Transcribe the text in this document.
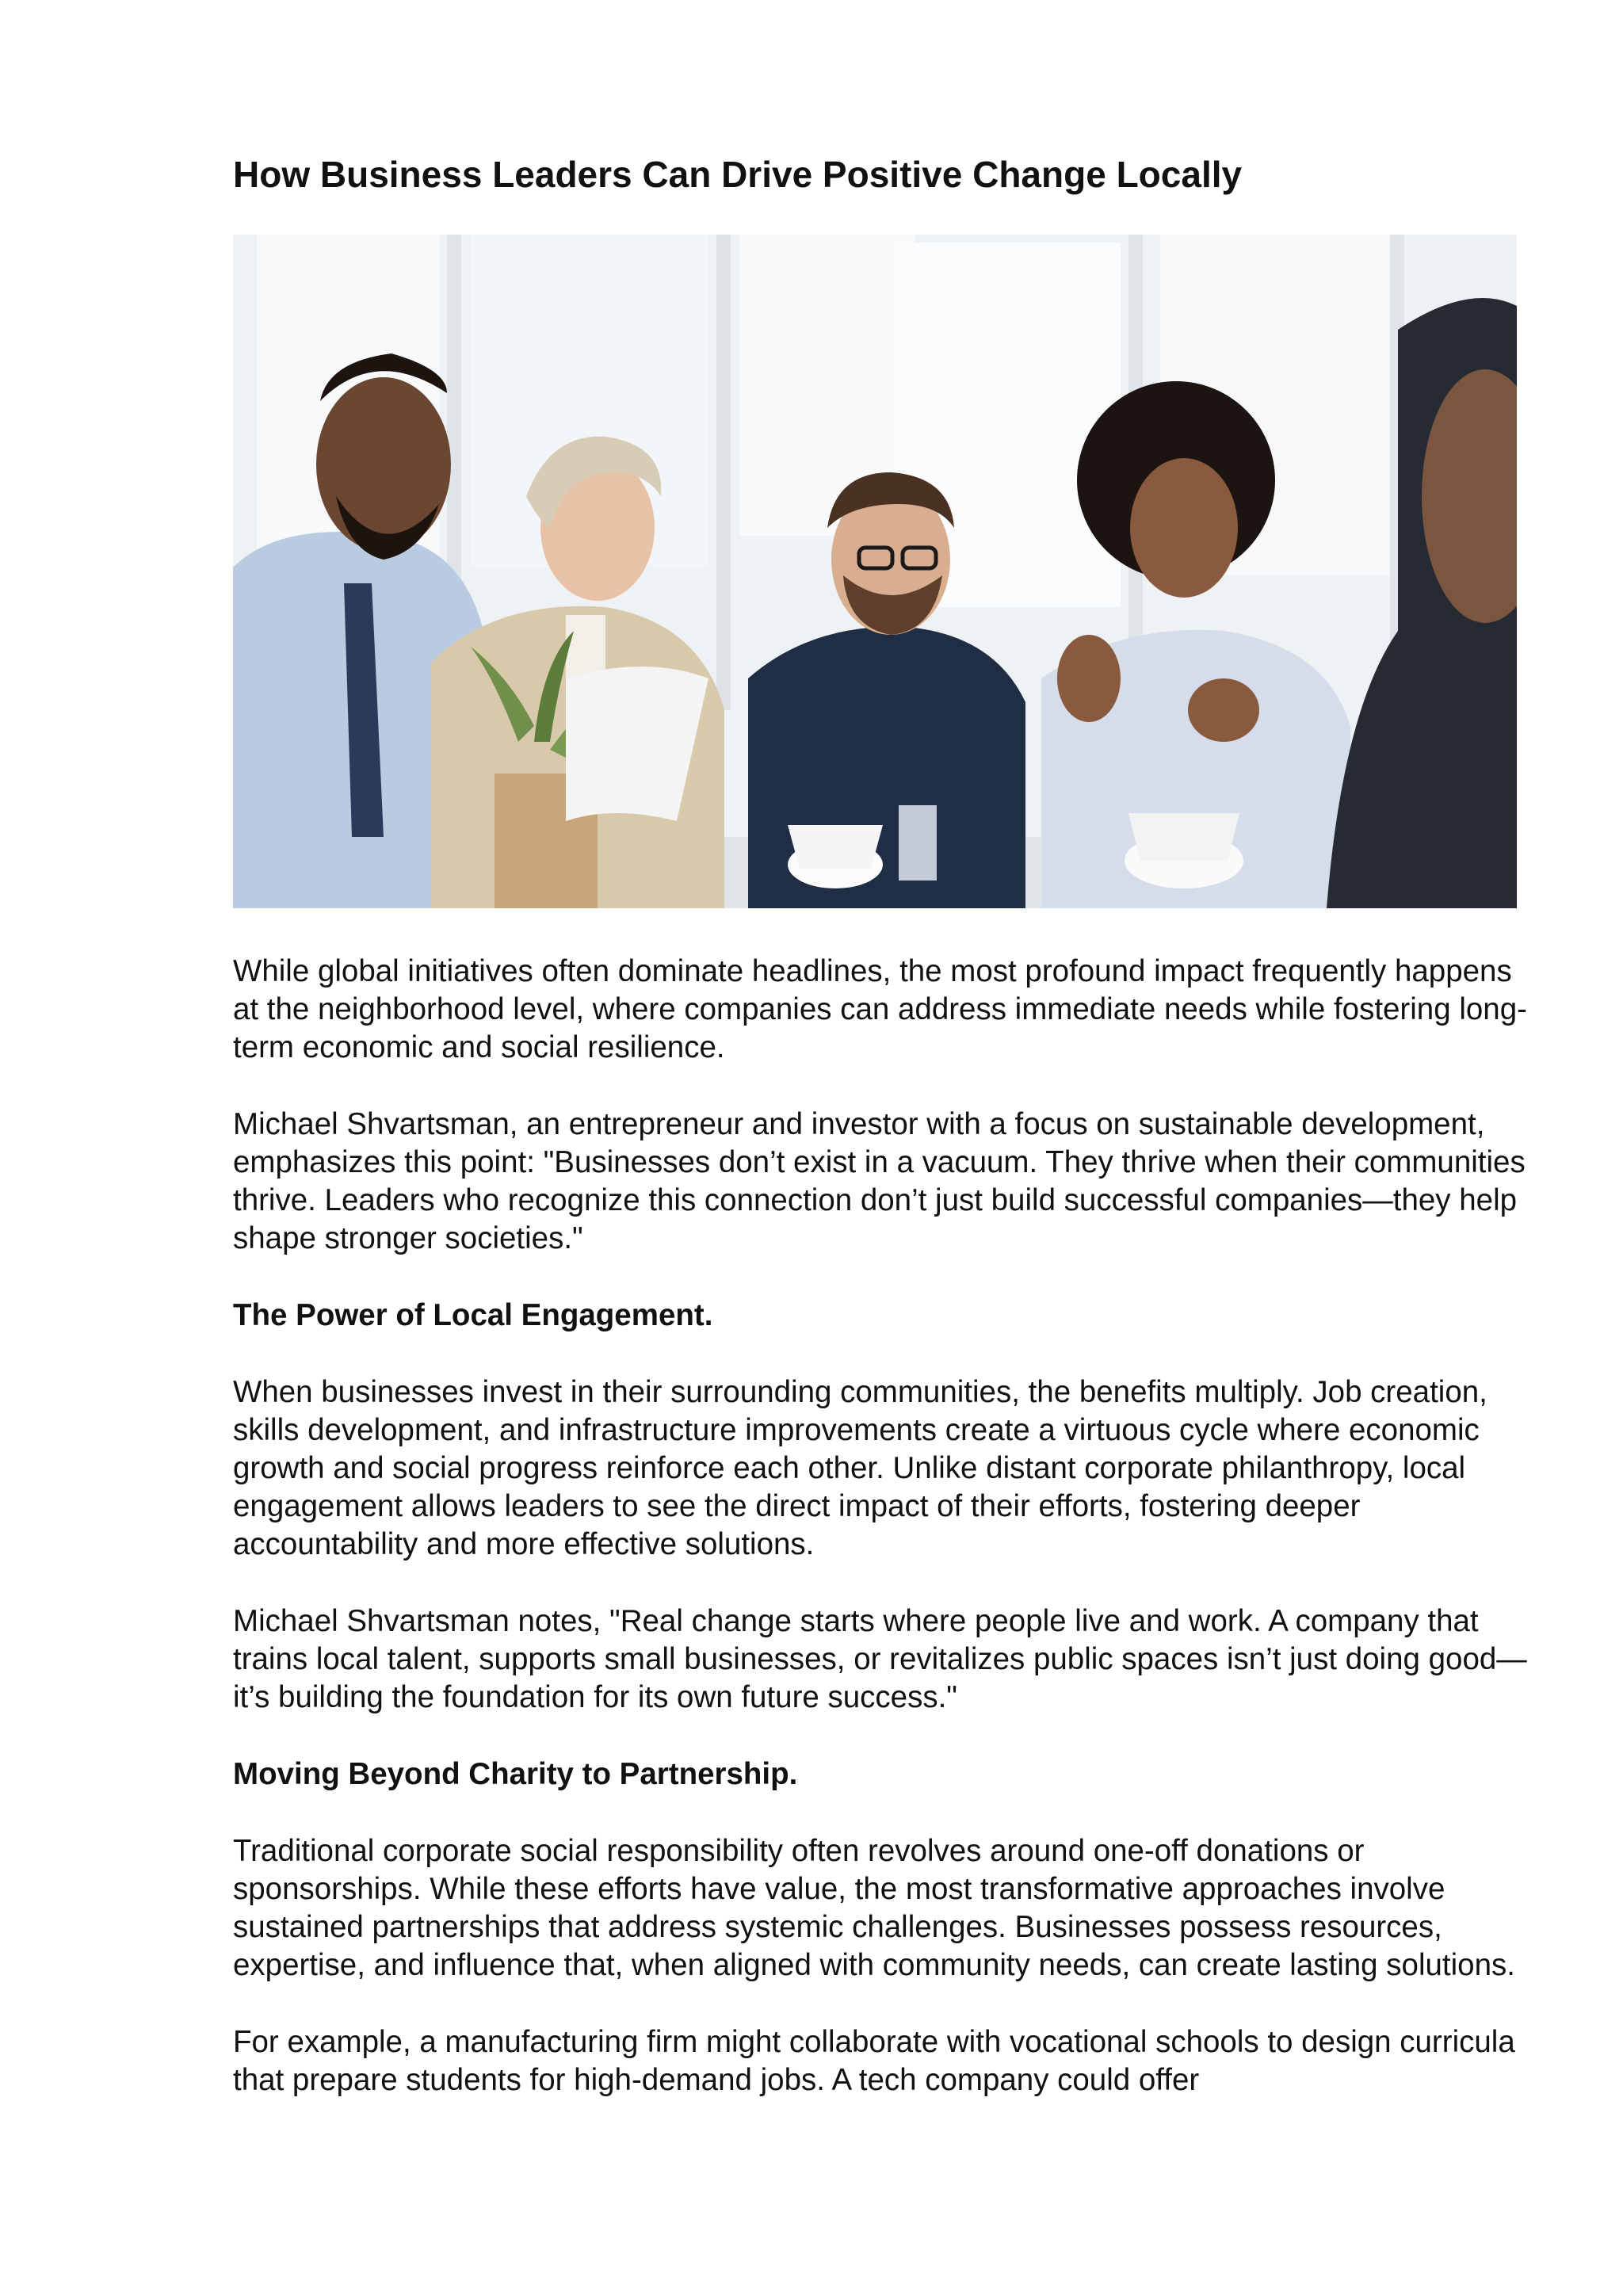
How Business Leaders Can Drive Positive Change Locally

While global initiatives often dominate headlines, the most profound impact frequently happens at the neighborhood level, where companies can address immediate needs while fostering long-term economic and social resilience.

Michael Shvartsman, an entrepreneur and investor with a focus on sustainable development, emphasizes this point: "Businesses don’t exist in a vacuum. They thrive when their communities thrive. Leaders who recognize this connection don’t just build successful companies—they help shape stronger societies."

The Power of Local Engagement.

When businesses invest in their surrounding communities, the benefits multiply. Job creation, skills development, and infrastructure improvements create a virtuous cycle where economic growth and social progress reinforce each other. Unlike distant corporate philanthropy, local engagement allows leaders to see the direct impact of their efforts, fostering deeper accountability and more effective solutions.

Michael Shvartsman notes, "Real change starts where people live and work. A company that trains local talent, supports small businesses, or revitalizes public spaces isn’t just doing good—it’s building the foundation for its own future success."

Moving Beyond Charity to Partnership.

Traditional corporate social responsibility often revolves around one-off donations or sponsorships. While these efforts have value, the most transformative approaches involve sustained partnerships that address systemic challenges. Businesses possess resources, expertise, and influence that, when aligned with community needs, can create lasting solutions.

For example, a manufacturing firm might collaborate with vocational schools to design curricula that prepare students for high-demand jobs. A tech company could offer
